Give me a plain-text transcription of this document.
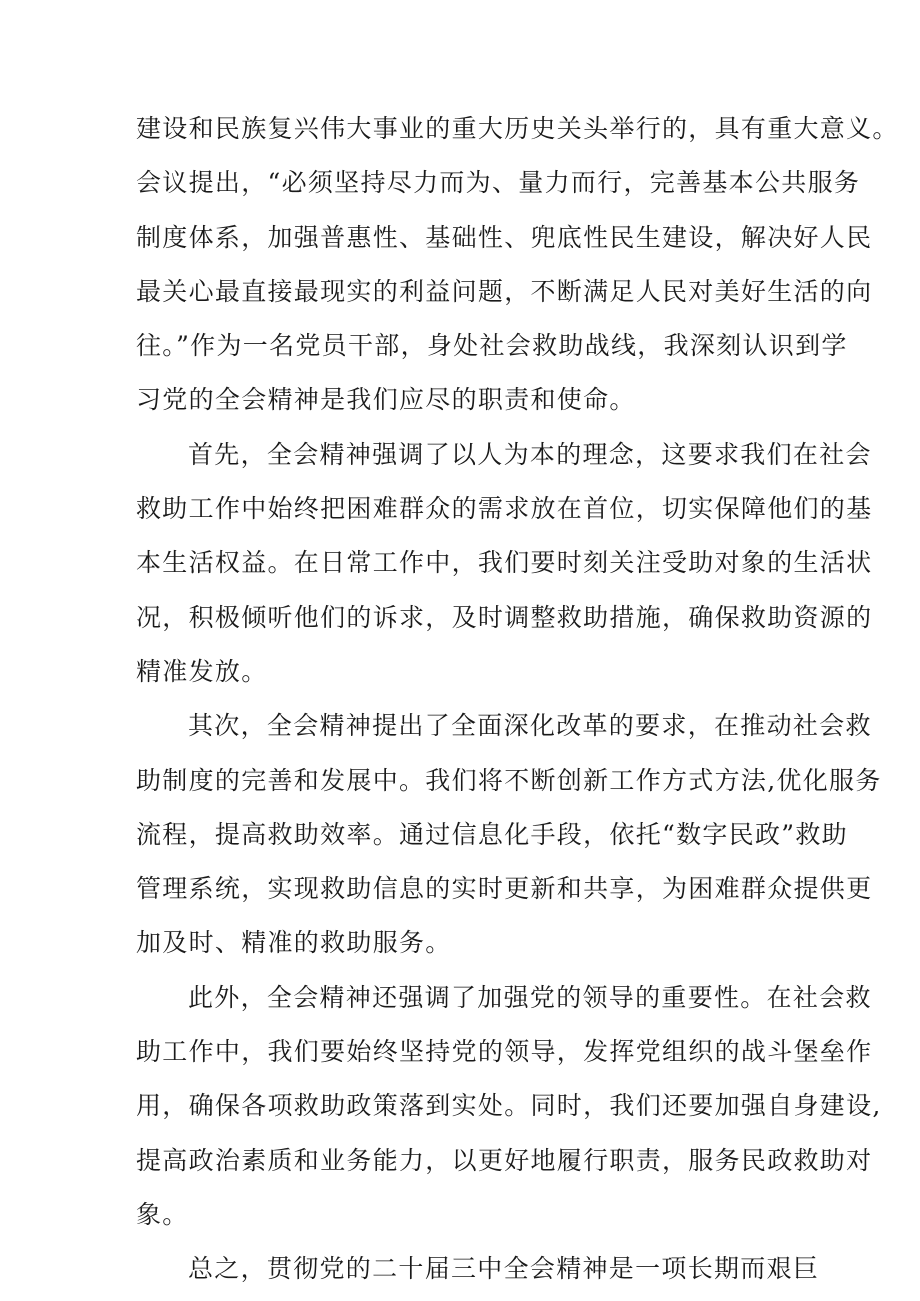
建设和民族复兴伟大事业的重大历史关头举行的，具有重大意义。
会议提出，“必须坚持尽力而为、量力而行，完善基本公共服务
制度体系，加强普惠性、基础性、兜底性民生建设，解决好人民
最关心最直接最现实的利益问题，不断满足人民对美好生活的向
往。”作为一名党员干部，身处社会救助战线，我深刻认识到学
习党的全会精神是我们应尽的职责和使命。
首先，全会精神强调了以人为本的理念，这要求我们在社会
救助工作中始终把困难群众的需求放在首位，切实保障他们的基
本生活权益。在日常工作中，我们要时刻关注受助对象的生活状
况，积极倾听他们的诉求，及时调整救助措施，确保救助资源的
精准发放。
其次，全会精神提出了全面深化改革的要求，在推动社会救
助制度的完善和发展中。我们将不断创新工作方式方法,优化服务
流程，提高救助效率。通过信息化手段，依托“数字民政”救助
管理系统，实现救助信息的实时更新和共享，为困难群众提供更
加及时、精准的救助服务。
此外，全会精神还强调了加强党的领导的重要性。在社会救
助工作中，我们要始终坚持党的领导，发挥党组织的战斗堡垒作
用，确保各项救助政策落到实处。同时，我们还要加强自身建设,
提高政治素质和业务能力，以更好地履行职责，服务民政救助对
象。
总之，贯彻党的二十届三中全会精神是一项长期而艰巨
